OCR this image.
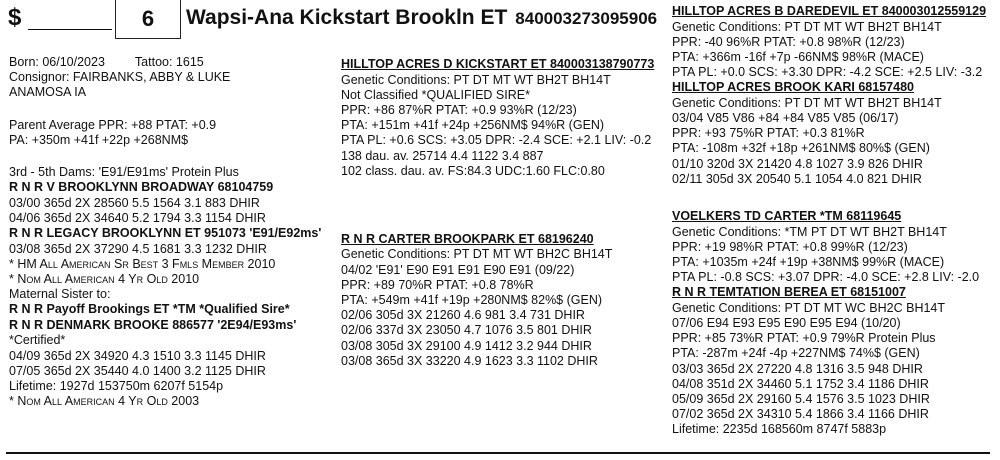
$	6 Wapsi-Ana Kickstart Brookln ET 840003273095906
Born: 06/10/2023 Tattoo: 1615
Consignor: FAIRBANKS, ABBY & LUKE
ANAMOSA IA
Parent Average PPR: +88 PTAT: +0.9
PA: +350m +41f +22p +268NM$
3rd - 5th Dams: 'E91/E91ms' Protein Plus
R N R V BROOKLYNN BROADWAY 68104759
03/00 365d 2X 28560 5.5 1564 3.1 883 DHIR
04/06 365d 2X 34640 5.2 1794 3.3 1154 DHIR
R N R LEGACY BROOKLYNN ET 951073 'E91/E92ms'
03/08 365d 2X 37290 4.5 1681 3.3 1232 DHIR
* HM All American Sr Best 3 Fmls Member 2010
* Nom All American 4 Yr Old 2010
Maternal Sister to:
R N R Payoff Brookings ET *TM *Qualified Sire*
R N R DENMARK BROOKE 886577 '2E94/E93ms'
*Certified*
04/09 365d 2X 34920 4.3 1510 3.3 1145 DHIR
07/05 365d 2X 35440 4.0 1400 3.2 1125 DHIR
Lifetime: 1927d 153750m 6207f 5154p
* Nom All American 4 Yr Old 2003
HILLTOP ACRES D KICKSTART ET 840003138790773
Genetic Conditions: PT DT MT WT BH2T BH14T
Not Classified *QUALIFIED SIRE*
PPR: +86 87%R PTAT: +0.9 93%R (12/23)
PTA: +151m +41f +24p +256NM$ 94%R (GEN)
PTA PL: +0.6 SCS: +3.05 DPR: -2.4 SCE: +2.1 LIV: -0.2
138 dau. av. 25714 4.4 1122 3.4 887
102 class. dau. av. FS:84.3 UDC:1.60 FLC:0.80
R N R CARTER BROOKPARK ET 68196240
Genetic Conditions: PT DT MT WT BH2C BH14T
04/02 'E91' E90 E91 E91 E90 E91 (09/22)
PPR: +89 70%R PTAT: +0.8 78%R
PTA: +549m +41f +19p +280NM$ 82%$ (GEN)
02/06 305d 3X 21260 4.6 981 3.4 731 DHIR
02/06 337d 3X 23050 4.7 1076 3.5 801 DHIR
03/08 305d 3X 29100 4.9 1412 3.2 944 DHIR
03/08 365d 3X 33220 4.9 1623 3.3 1102 DHIR
HILLTOP ACRES B DAREDEVIL ET 840003012559129
Genetic Conditions: PT DT MT WT BH2T BH14T
PPR: -40 96%R PTAT: +0.8 98%R (12/23)
PTA: +366m -16f +7p -66NM$ 98%R (MACE)
PTA PL: +0.0 SCS: +3.30 DPR: -4.2 SCE: +2.5 LIV: -3.2
HILLTOP ACRES BROOK KARI 68157480
Genetic Conditions: PT DT MT WT BH2T BH14T
03/04 V85 V86 +84 +84 V85 V85 (06/17)
PPR: +93 75%R PTAT: +0.3 81%R
PTA: -108m +32f +18p +261NM$ 80%$ (GEN)
01/10 320d 3X 21420 4.8 1027 3.9 826 DHIR
02/11 305d 3X 20540 5.1 1054 4.0 821 DHIR
VOELKERS TD CARTER *TM 68119645
Genetic Conditions: *TM PT DT WT BH2T BH14T
PPR: +19 98%R PTAT: +0.8 99%R (12/23)
PTA: +1035m +24f +19p +38NM$ 99%R (MACE)
PTA PL: -0.8 SCS: +3.07 DPR: -4.0 SCE: +2.8 LIV: -2.0
R N R TEMTATION BEREA ET 68151007
Genetic Conditions: PT DT MT WC BH2C BH14T
07/06 E94 E93 E95 E90 E95 E94 (10/20)
PPR: +85 73%R PTAT: +0.9 79%R Protein Plus
PTA: -287m +24f -4p +227NM$ 74%$ (GEN)
03/03 365d 2X 27220 4.8 1316 3.5 948 DHIR
04/08 351d 2X 34460 5.1 1752 3.4 1186 DHIR
05/09 365d 2X 29160 5.4 1576 3.5 1023 DHIR
07/02 365d 2X 34310 5.4 1866 3.4 1166 DHIR
Lifetime: 2235d 168560m 8747f 5883p
